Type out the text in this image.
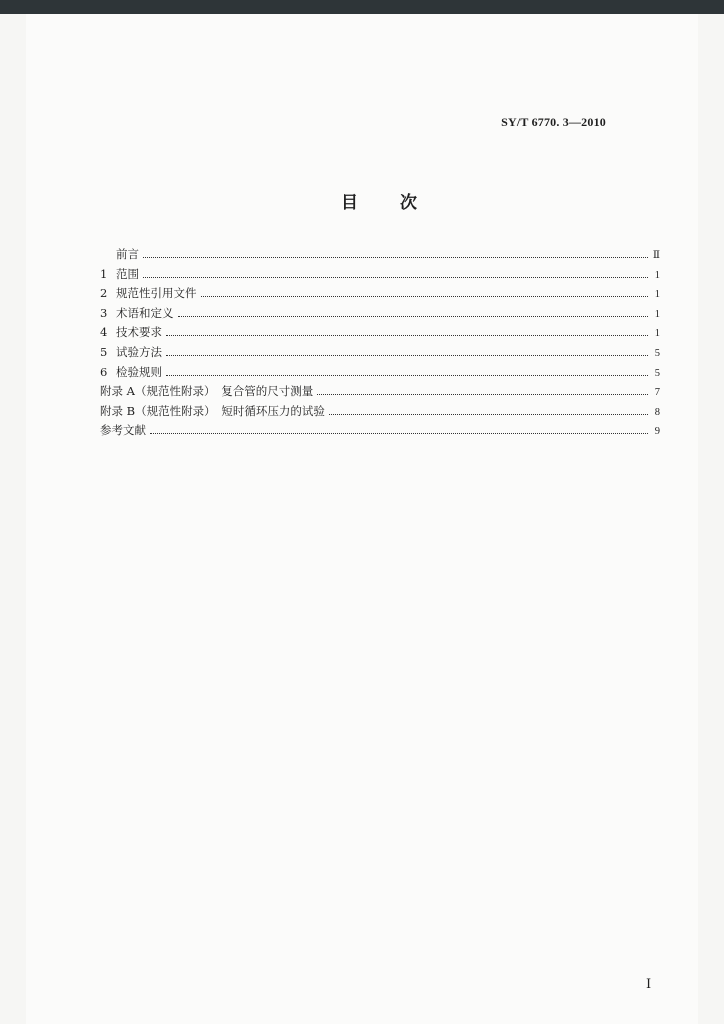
SY/T 6770. 3—2010
目次
前言	Ⅱ
1 范围	1
2 规范性引用文件	1
3 术语和定义	1
4 技术要求	1
5 试验方法	5
6 检验规则	5
附录 A（规范性附录）　复合管的尺寸测量	7
附录 B（规范性附录）　短时循环压力的试验	8
参考文献	9
Ⅰ
